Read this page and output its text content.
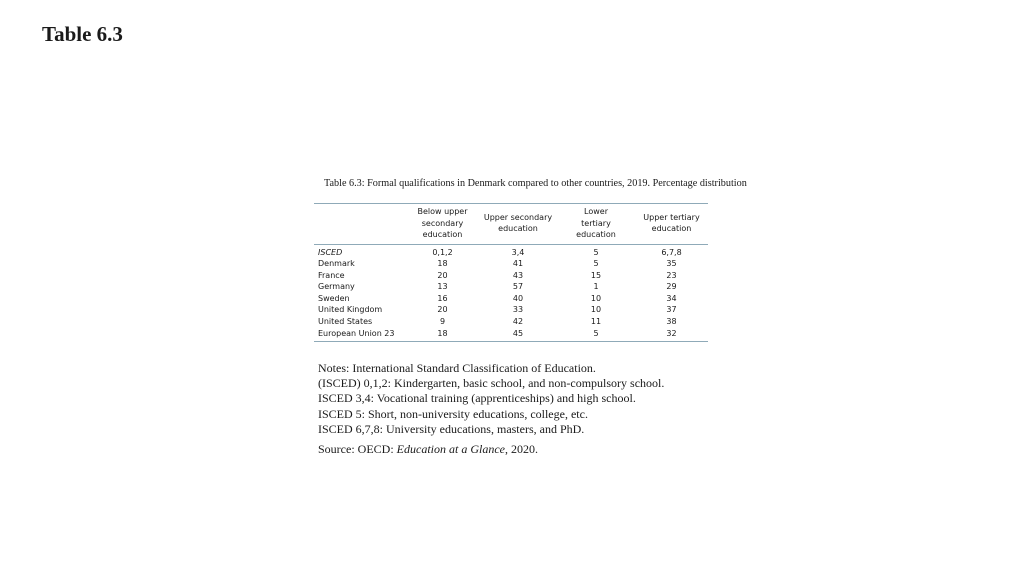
Table 6.3
Table 6.3: Formal qualifications in Denmark compared to other countries, 2019. Percentage distribution
	Below upper secondary education	Upper secondary education	Lower tertiary education	Upper tertiary education
ISCED	0,1,2	3,4	5	6,7,8
Denmark	18	41	5	35
France	20	43	15	23
Germany	13	57	1	29
Sweden	16	40	10	34
United Kingdom	20	33	10	37
United States	9	42	11	38
European Union 23	18	45	5	32

Notes: International Standard Classification of Education.

(ISCED) 0,1,2: Kindergarten, basic school, and non-compulsory school.

ISCED 3,4: Vocational training (apprenticeships) and high school.

ISCED 5: Short, non-university educations, college, etc.

ISCED 6,7,8: University educations, masters, and PhD.

Source: OECD: Education at a Glance, 2020.
